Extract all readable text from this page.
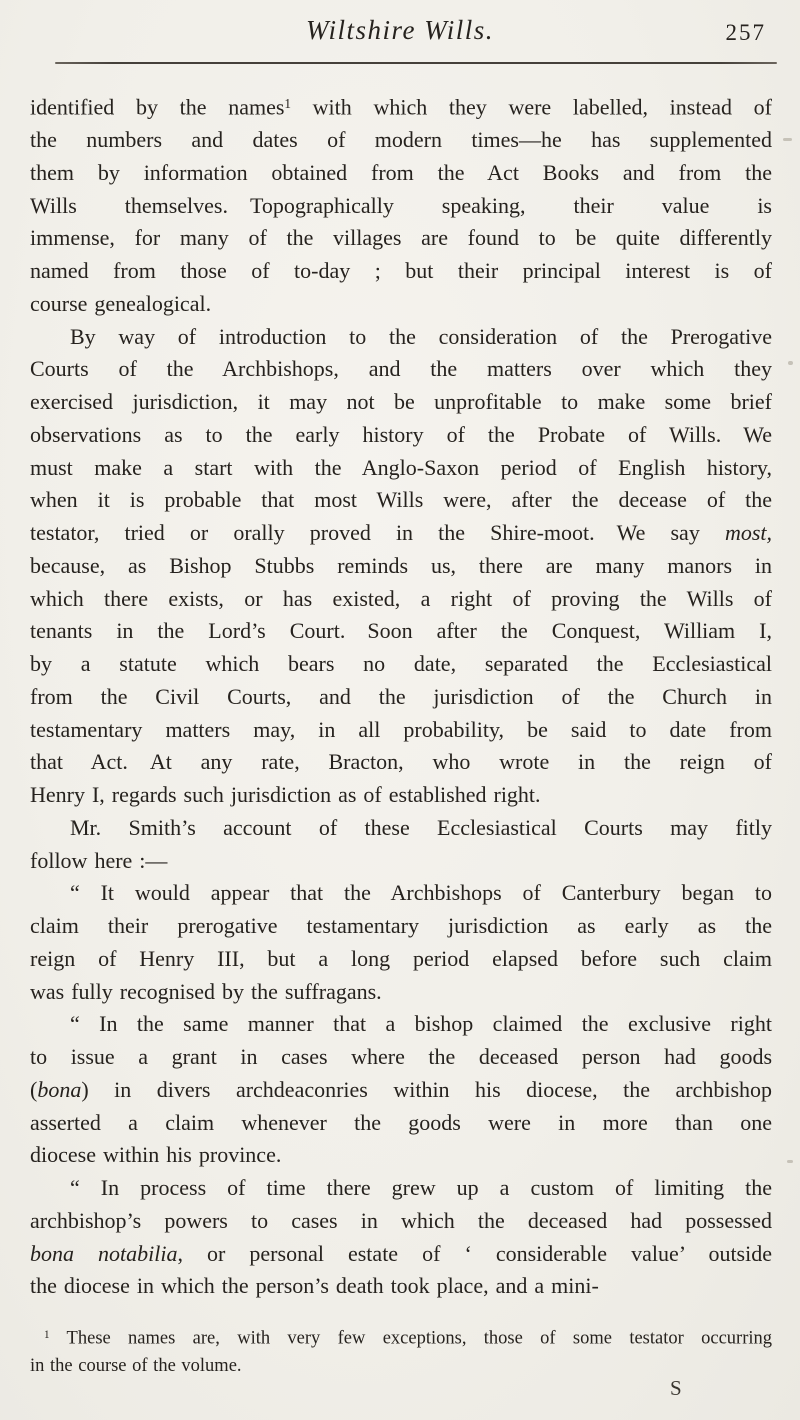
Wiltshire Wills.	257
identified by the names$^1$ with which they were labelled, instead of
the numbers and dates of modern times—he has supplemented
them by information obtained from the Act Books and from the
Wills themselves. Topographically speaking, their value is
immense, for many of the villages are found to be quite differently
named from those of to-day ; but their principal interest is of
course genealogical.
By way of introduction to the consideration of the Prerogative
Courts of the Archbishops, and the matters over which they
exercised jurisdiction, it may not be unprofitable to make some brief
observations as to the early history of the Probate of Wills. We
must make a start with the Anglo-Saxon period of English history,
when it is probable that most Wills were, after the decease of the
testator, tried or orally proved in the Shire-moot. We say most,
because, as Bishop Stubbs reminds us, there are many manors in
which there exists, or has existed, a right of proving the Wills of
tenants in the Lord’s Court. Soon after the Conquest, William I,
by a statute which bears no date, separated the Ecclesiastical
from the Civil Courts, and the jurisdiction of the Church in
testamentary matters may, in all probability, be said to date from
that Act. At any rate, Bracton, who wrote in the reign of
Henry I, regards such jurisdiction as of established right.
Mr. Smith’s account of these Ecclesiastical Courts may fitly
follow here :—
“ It would appear that the Archbishops of Canterbury began to
claim their prerogative testamentary jurisdiction as early as the
reign of Henry III, but a long period elapsed before such claim
was fully recognised by the suffragans.
“ In the same manner that a bishop claimed the exclusive right
to issue a grant in cases where the deceased person had goods
(bona) in divers archdeaconries within his diocese, the archbishop
asserted a claim whenever the goods were in more than one
diocese within his province.
“ In process of time there grew up a custom of limiting the
archbishop’s powers to cases in which the deceased had possessed
bona notabilia, or personal estate of ‘ considerable value’ outside
the diocese in which the person’s death took place, and a mini-
$^1$ These names are, with very few exceptions, those of some testator occurring
in the course of the volume.
S
